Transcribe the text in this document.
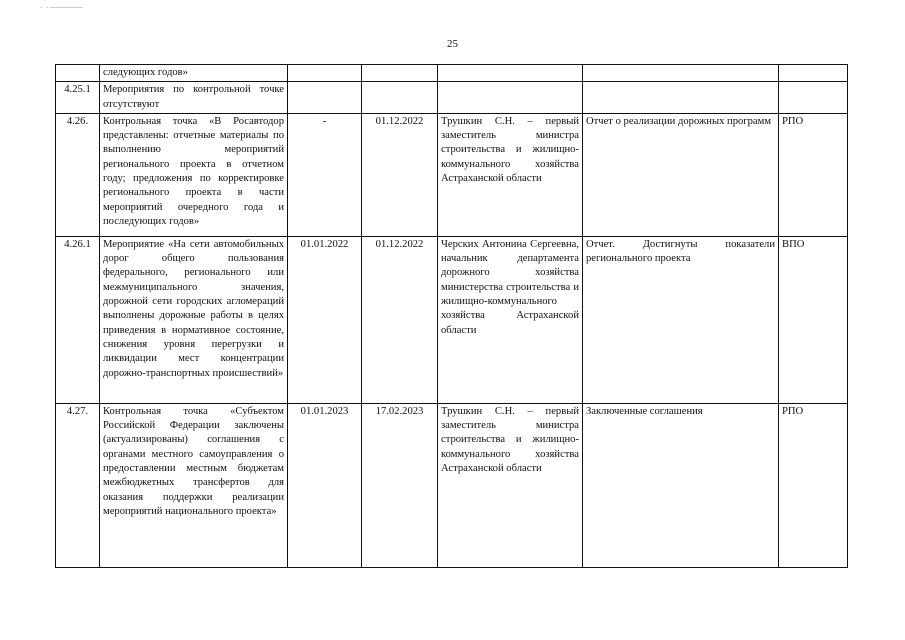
· · ̶ ̶ ̶ ̶ ̶ ̶ ̶ ̶ ̶ ̶ ̶ ̶
25
	следующих годов»					
4.25.1	Мероприятия по контрольной точке отсутствуют					
4.26.	Контрольная точка «В Росавтодор представлены: отчетные материалы по выполнению мероприятий регионального проекта в отчетном году; предложения по корректировке регионального проекта в части мероприятий очередного года и последующих годов»	-	01.12.2022	Трушкин С.Н. – первый заместитель министра строительства и жилищно-коммунального хозяйства Астраханской области	Отчет о реализации дорожных программ	РПО
4.26.1	Мероприятие «На сети автомобильных дорог общего пользования федерального, регионального или межмуниципального значения, дорожной сети городских агломераций выполнены дорожные работы в целях приведения в нормативное состояние, снижения уровня перегрузки и ликвидации мест концентрации дорожно-транспортных происшествий»	01.01.2022	01.12.2022	Черских Антонина Сергеевна, начальник департамента дорожного хозяйства министерства строительства и жилищно-коммунального хозяйства Астраханской области	Отчет. Достигнуты показатели регионального проекта	ВПО
4.27.	Контрольная точка «Субъектом Российской Федерации заключены (актуализированы) соглашения с органами местного самоуправления о предоставлении местным бюджетам межбюджетных трансфертов для оказания поддержки реализации мероприятий национального проекта»	01.01.2023	17.02.2023	Трушкин С.Н. – первый заместитель министра строительства и жилищно-коммунального хозяйства Астраханской области	Заключенные соглашения	РПО
